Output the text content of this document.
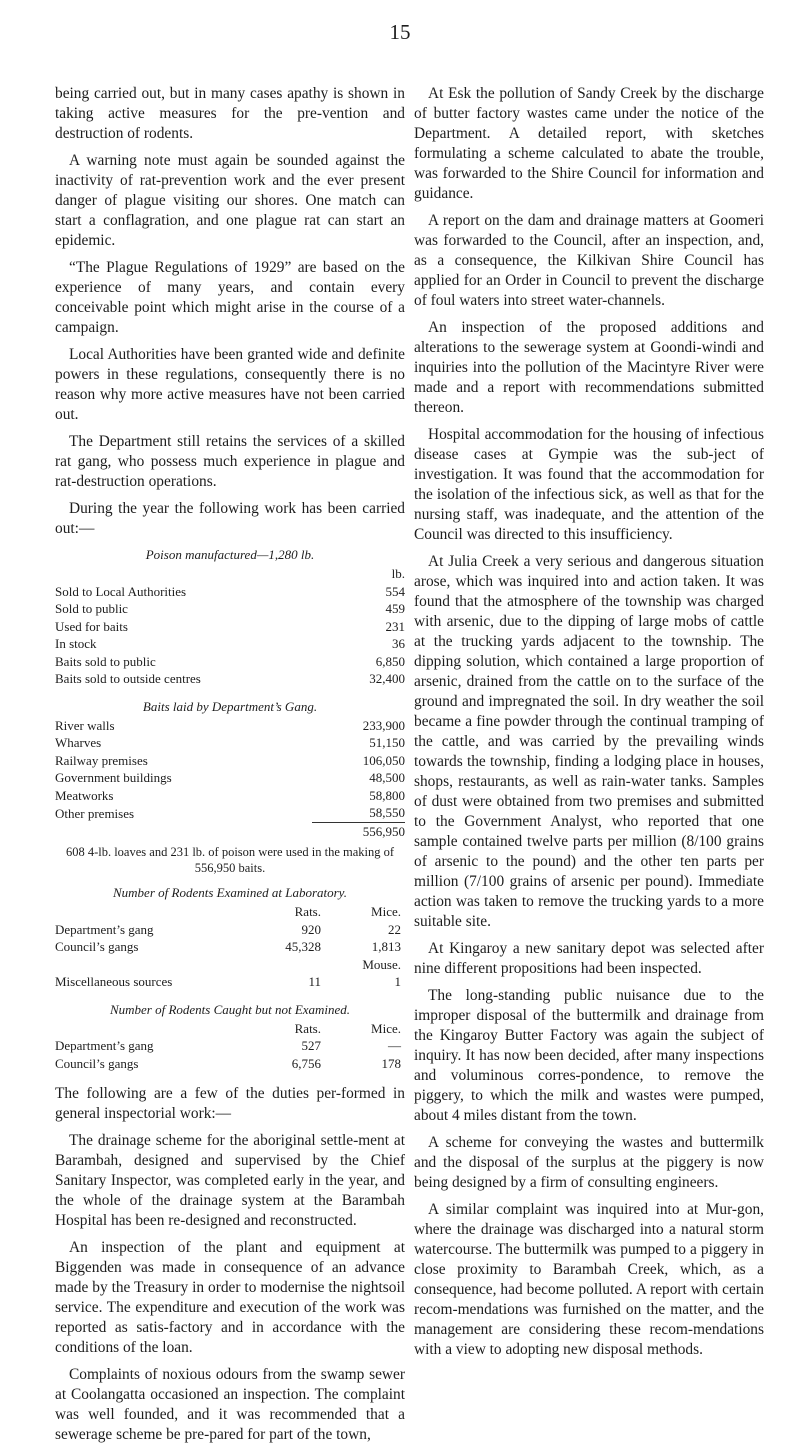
15

being carried out, but in many cases apathy is shown in taking active measures for the pre-vention and destruction of rodents.

A warning note must again be sounded against the inactivity of rat-prevention work and the ever present danger of plague visiting our shores. One match can start a conflagration, and one plague rat can start an epidemic.

“The Plague Regulations of 1929” are based on the experience of many years, and contain every conceivable point which might arise in the course of a campaign.

Local Authorities have been granted wide and definite powers in these regulations, consequently there is no reason why more active measures have not been carried out.

The Department still retains the services of a skilled rat gang, who possess much experience in plague and rat-destruction operations.

During the year the following work has been carried out:—

Poison manufactured—1,280 lb.
	lb.
Sold to Local Authorities	554
Sold to public	459
Used for baits	231
In stock	36
Baits sold to public	6,850
Baits sold to outside centres	32,400
Baits laid by Department’s Gang.
River walls	233,900
Wharves	51,150
Railway premises	106,050
Government buildings	48,500
Meatworks	58,800
Other premises	58,550
	556,950
608 4-lb. loaves and 231 lb. of poison were used in the making of 556,950 baits.
Number of Rodents Examined at Laboratory.
	Rats.	Mice.
Department’s gang	920	22
Council’s gangs	45,328	1,813
		Mouse.
Miscellaneous sources	11	1
Number of Rodents Caught but not Examined.
	Rats.	Mice.
Department’s gang	527	—
Council’s gangs	6,756	178

The following are a few of the duties per-formed in general inspectorial work:—

The drainage scheme for the aboriginal settle-ment at Barambah, designed and supervised by the Chief Sanitary Inspector, was completed early in the year, and the whole of the drainage system at the Barambah Hospital has been re-designed and reconstructed.

An inspection of the plant and equipment at Biggenden was made in consequence of an advance made by the Treasury in order to modernise the nightsoil service. The expenditure and execution of the work was reported as satis-factory and in accordance with the conditions of the loan.

Complaints of noxious odours from the swamp sewer at Coolangatta occasioned an inspection. The complaint was well founded, and it was recommended that a sewerage scheme be pre-pared for part of the town,

At Esk the pollution of Sandy Creek by the discharge of butter factory wastes came under the notice of the Department. A detailed report, with sketches formulating a scheme calculated to abate the trouble, was forwarded to the Shire Council for information and guidance.

A report on the dam and drainage matters at Goomeri was forwarded to the Council, after an inspection, and, as a consequence, the Kilkivan Shire Council has applied for an Order in Council to prevent the discharge of foul waters into street water-channels.

An inspection of the proposed additions and alterations to the sewerage system at Goondi-windi and inquiries into the pollution of the Macintyre River were made and a report with recommendations submitted thereon.

Hospital accommodation for the housing of infectious disease cases at Gympie was the sub-ject of investigation. It was found that the accommodation for the isolation of the infectious sick, as well as that for the nursing staff, was inadequate, and the attention of the Council was directed to this insufficiency.

At Julia Creek a very serious and dangerous situation arose, which was inquired into and action taken. It was found that the atmosphere of the township was charged with arsenic, due to the dipping of large mobs of cattle at the trucking yards adjacent to the township. The dipping solution, which contained a large proportion of arsenic, drained from the cattle on to the surface of the ground and impregnated the soil. In dry weather the soil became a fine powder through the continual tramping of the cattle, and was carried by the prevailing winds towards the township, finding a lodging place in houses, shops, restaurants, as well as rain-water tanks. Samples of dust were obtained from two premises and submitted to the Government Analyst, who reported that one sample contained twelve parts per million (8/100 grains of arsenic to the pound) and the other ten parts per million (7/100 grains of arsenic per pound). Immediate action was taken to remove the trucking yards to a more suitable site.

At Kingaroy a new sanitary depot was selected after nine different propositions had been inspected.

The long-standing public nuisance due to the improper disposal of the buttermilk and drainage from the Kingaroy Butter Factory was again the subject of inquiry. It has now been decided, after many inspections and voluminous corres-pondence, to remove the piggery, to which the milk and wastes were pumped, about 4 miles distant from the town.

A scheme for conveying the wastes and buttermilk and the disposal of the surplus at the piggery is now being designed by a firm of consulting engineers.

A similar complaint was inquired into at Mur-gon, where the drainage was discharged into a natural storm watercourse. The buttermilk was pumped to a piggery in close proximity to Barambah Creek, which, as a consequence, had become polluted. A report with certain recom-mendations was furnished on the matter, and the management are considering these recom-mendations with a view to adopting new disposal methods.
